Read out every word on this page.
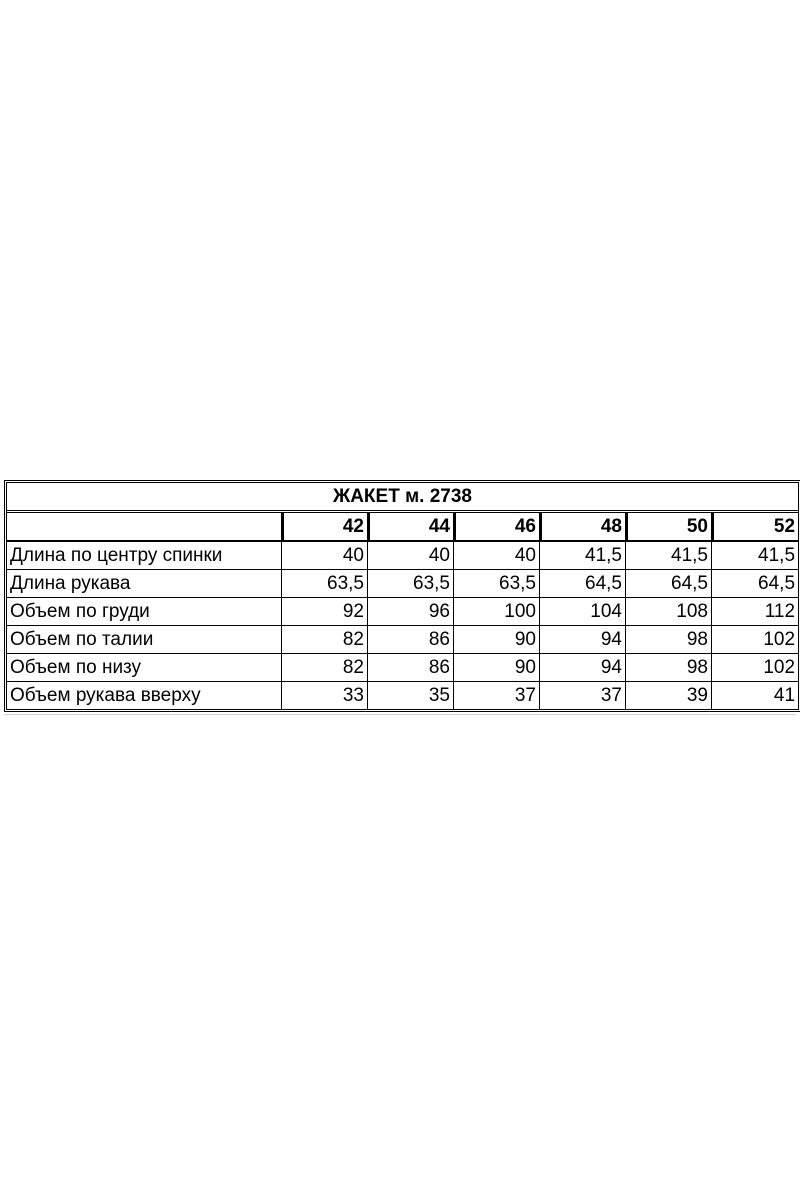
ЖАКЕТ м. 2738						
	42	44	46	48	50	52
Длина по центру спинки	40	40	40	41,5	41,5	41,5
Длина рукава	63,5	63,5	63,5	64,5	64,5	64,5
Объем по груди	92	96	100	104	108	112
Объем по талии	82	86	90	94	98	102
Объем по низу	82	86	90	94	98	102
Объем рукава вверху	33	35	37	37	39	41
